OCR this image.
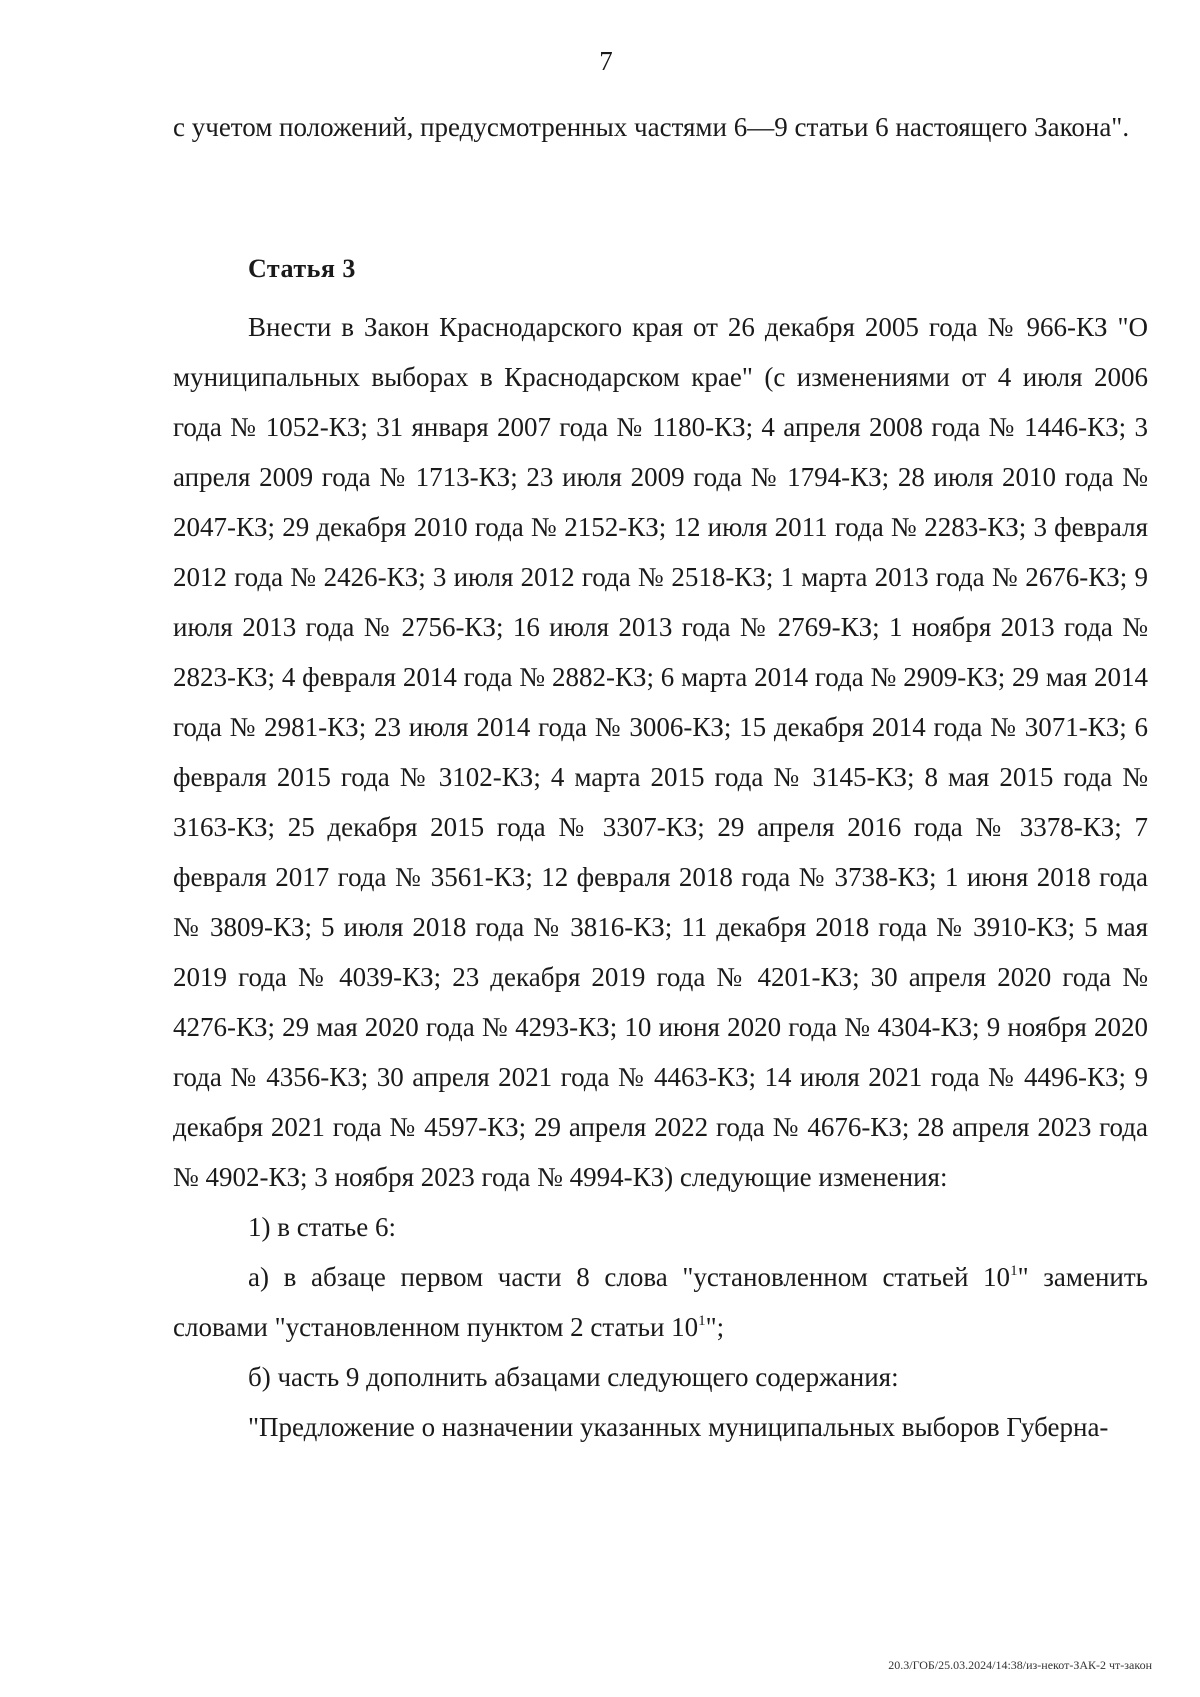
7

с учетом положений, предусмотренных частями 6—9 статьи 6 настоящего Закона".

Статья 3

Внести в Закон Краснодарского края от 26 декабря 2005 года № 966-КЗ "О муниципальных выборах в Краснодарском крае" (с изменениями от 4 июля 2006 года № 1052-КЗ; 31 января 2007 года № 1180-КЗ; 4 апреля 2008 года № 1446-КЗ; 3 апреля 2009 года № 1713-КЗ; 23 июля 2009 года № 1794-КЗ; 28 июля 2010 года № 2047-КЗ; 29 декабря 2010 года № 2152-КЗ; 12 июля 2011 года № 2283-КЗ; 3 февраля 2012 года № 2426-КЗ; 3 июля 2012 года № 2518-КЗ; 1 марта 2013 года № 2676-КЗ; 9 июля 2013 года № 2756-КЗ; 16 июля 2013 года № 2769-КЗ; 1 ноября 2013 года № 2823-КЗ; 4 февраля 2014 года № 2882-КЗ; 6 марта 2014 года № 2909-КЗ; 29 мая 2014 года № 2981-КЗ; 23 июля 2014 года № 3006-КЗ; 15 декабря 2014 года № 3071-КЗ; 6 февраля 2015 года № 3102-КЗ; 4 марта 2015 года № 3145-КЗ; 8 мая 2015 года № 3163-КЗ; 25 декабря 2015 года № 3307-КЗ; 29 апреля 2016 года № 3378-КЗ; 7 февраля 2017 года № 3561-КЗ; 12 февраля 2018 года № 3738-КЗ; 1 июня 2018 года № 3809-КЗ; 5 июля 2018 года № 3816-КЗ; 11 декабря 2018 года № 3910-КЗ; 5 мая 2019 года № 4039-КЗ; 23 декабря 2019 года № 4201-КЗ; 30 апреля 2020 года № 4276-КЗ; 29 мая 2020 года № 4293-КЗ; 10 июня 2020 года № 4304-КЗ; 9 ноября 2020 года № 4356-КЗ; 30 апреля 2021 года № 4463-КЗ; 14 июля 2021 года № 4496-КЗ; 9 декабря 2021 года № 4597-КЗ; 29 апреля 2022 года № 4676-КЗ; 28 апреля 2023 года № 4902-КЗ; 3 ноября 2023 года № 4994-КЗ) следующие изменения:

1) в статье 6:

а) в абзаце первом части 8 слова "установленном статьей $10^1$" заменить словами "установленном пунктом 2 статьи $10^1$";

б) часть 9 дополнить абзацами следующего содержания:

"Предложение о назначении указанных муниципальных выборов Губерна-

20.3/ГОБ/25.03.2024/14:38/из-некот-ЗАК-2 чт-закон
